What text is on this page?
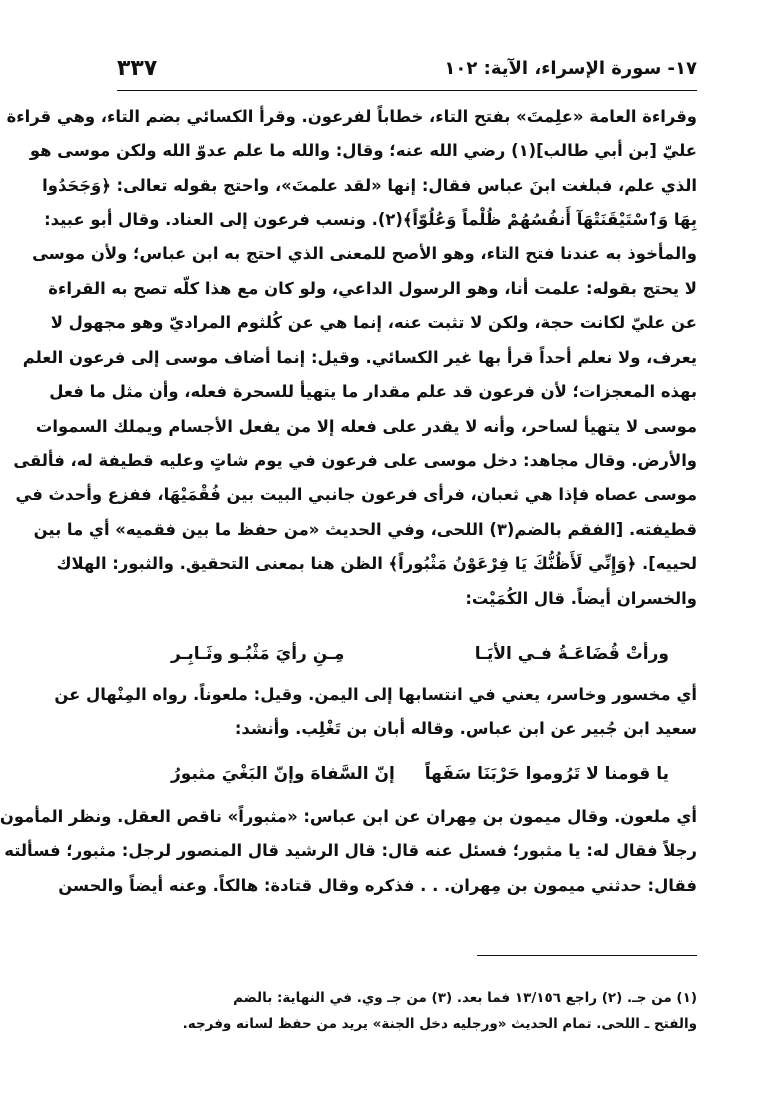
١٧- سورة الإسراء، الآية: ١٠٢
٣٣٧
وقراءة العامة «علِمتَ» بفتح التاء، خطاباً لفرعون. وقرأ الكسائي بضم التاء، وهي قراءة
عليّ [بن أبي طالب](١) رضي الله عنه؛ وقال: والله ما علم عدوّ الله ولكن موسى هو
الذي علم، فبلغت ابنَ عباس فقال: إنها «لقد علمتَ»، واحتج بقوله تعالى: ﴿وَجَحَدُوا
بِهَا وَٱسْتَيْقَنَتْهَآ أَنفُسُهُمْ ظُلْماً وَعُلُوّاً﴾(٢). ونسب فرعون إلى العناد. وقال أبو عبيد:
والمأخوذ به عندنا فتح التاء، وهو الأصح للمعنى الذي احتج به ابن عباس؛ ولأن موسى
لا يحتج بقوله: علمت أنا، وهو الرسول الداعي، ولو كان مع هذا كلّه تصح به القراءة
عن عليّ لكانت حجة، ولكن لا تثبت عنه، إنما هي عن كُلثوم المراديّ وهو مجهول لا
يعرف، ولا نعلم أحداً قرأ بها غير الكسائي. وقيل: إنما أضاف موسى إلى فرعون العلم
بهذه المعجزات؛ لأن فرعون قد علم مقدار ما يتهيأ للسحرة فعله، وأن مثل ما فعل
موسى لا يتهيأ لساحر، وأنه لا يقدر على فعله إلا من يفعل الأجسام ويملك السموات
والأرض. وقال مجاهد: دخل موسى على فرعون في يوم شاتٍ وعليه قطيفة له، فألقى
موسى عصاه فإذا هي ثعبان، فرأى فرعون جانبي البيت بين فُقْمَيْهَا، ففزع وأحدث في
قطيفته. [الفقم بالضم(٣) اللحى، وفي الحديث «من حفظ ما بين فقميه» أي ما بين
لحييه]. ﴿وَإِنِّي لَأَظُنُّكَ يَا فِرْعَوْنُ مَثْبُوراً﴾ الظن هنا بمعنى التحقيق. والثبور: الهلاك
والخسران أيضاً. قال الكُمَيْت:
ورأتْ قُضَاعَـةُ فـي الأيَـا
مِـنِ رأيَ مَثْبُـو وثَـابِـر
أي مخسور وخاسر، يعني في انتسابها إلى اليمن. وقيل: ملعوناً. رواه المِنْهال عن
سعيد ابن جُبير عن ابن عباس. وقاله أبان بن تَغْلِب. وأنشد:
يا قومنا لا تَرُوموا حَرْبَنَا سَفَهاً
إنّ السَّفاهَ وإنّ البَغْيَ مثبورُ
أي ملعون. وقال ميمون بن مِهران عن ابن عباس: «مثبوراً» ناقص العقل. ونظر المأمون
رجلاً فقال له: يا مثبور؛ فسئل عنه قال: قال الرشيد قال المنصور لرجل: مثبور؛ فسألته
فقال: حدثني ميمون بن مِهران. . . فذكره وقال قتادة: هالكاً. وعنه أيضاً والحسن
(١) من جـ. (٢) راجع ١٣/١٥٦ فما بعد. (٣) من جـ وي. في النهاية: بالضم
والفتح ـ اللحى. تمام الحديث «ورجليه دخل الجنة» يريد من حفظ لسانه وفرجه.
